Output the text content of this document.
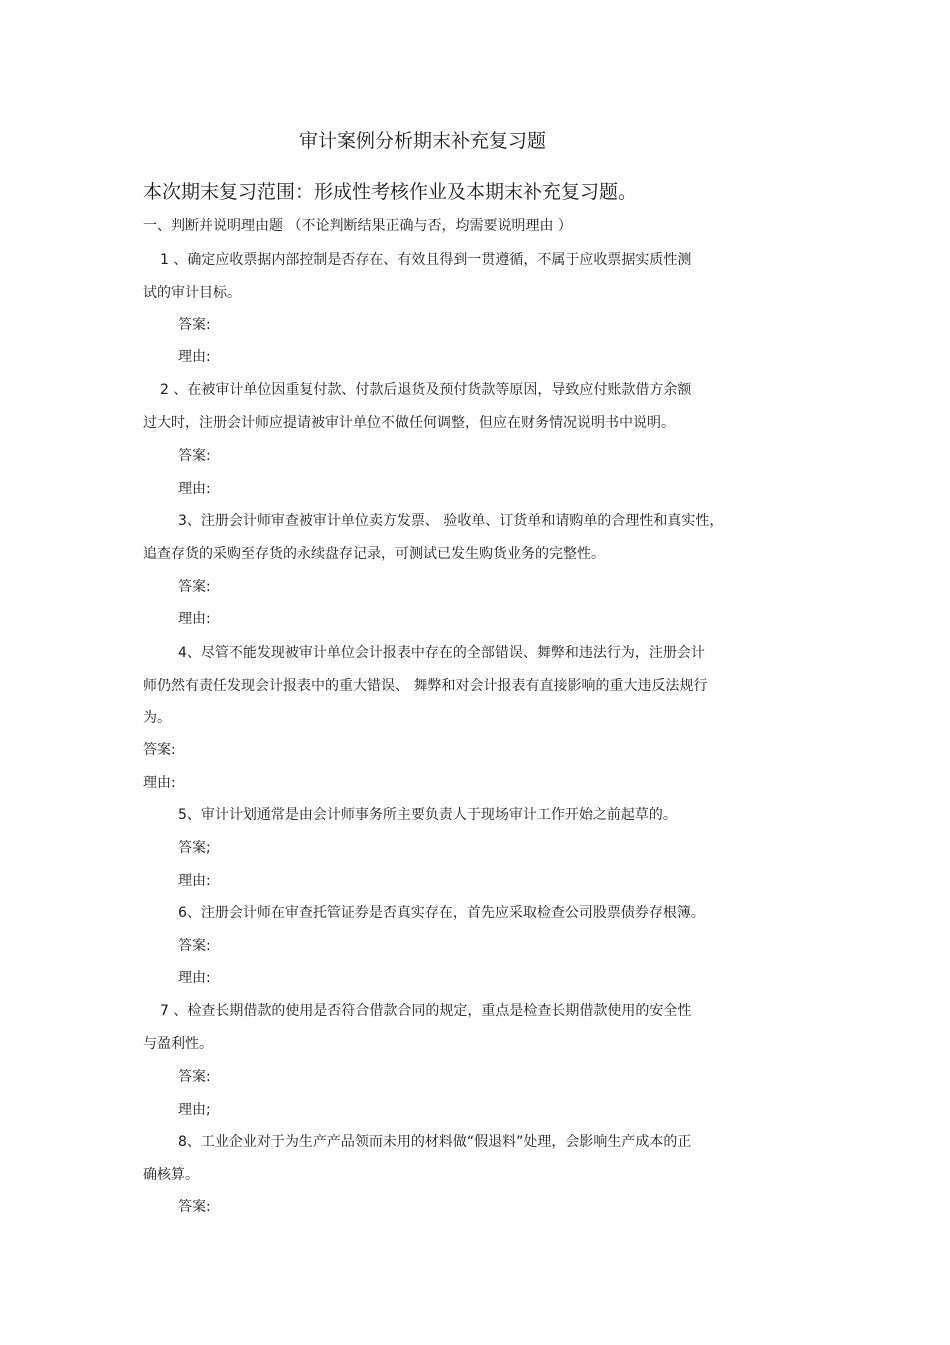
审计案例分析期末补充复习题
本次期末复习范围：形成性考核作业及本期末补充复习题。
一、判断并说明理由题 （不论判断结果正确与否，均需要说明理由 ）
1 、确定应收票据内部控制是否存在、有效且得到一贯遵循，不属于应收票据实质性测
试的审计目标。
答案:
理由:
2 、在被审计单位因重复付款、付款后退货及预付货款等原因，导致应付账款借方余额
过大时，注册会计师应提请被审计单位不做任何调整，但应在财务情况说明书中说明。
答案:
理由:
3、注册会计师审查被审计单位卖方发票、 验收单、订货单和请购单的合理性和真实性，
追查存货的采购至存货的永续盘存记录，可测试已发生购货业务的完整性。
答案:
理由:
4、尽管不能发现被审计单位会计报表中存在的全部错误、舞弊和违法行为，注册会计
师仍然有责任发现会计报表中的重大错误、 舞弊和对会计报表有直接影响的重大违反法规行
为。
答案:
理由:
5、审计计划通常是由会计师事务所主要负责人于现场审计工作开始之前起草的。
答案;
理由:
6、注册会计师在审查托管证券是否真实存在，首先应采取检查公司股票债券存根簿。
答案:
理由:
7 、检查长期借款的使用是否符合借款合同的规定，重点是检查长期借款使用的安全性
与盈利性。
答案:
理由;
8、工业企业对于为生产产品领而未用的材料做“假退料”处理，会影响生产成本的正
确核算。
答案:
